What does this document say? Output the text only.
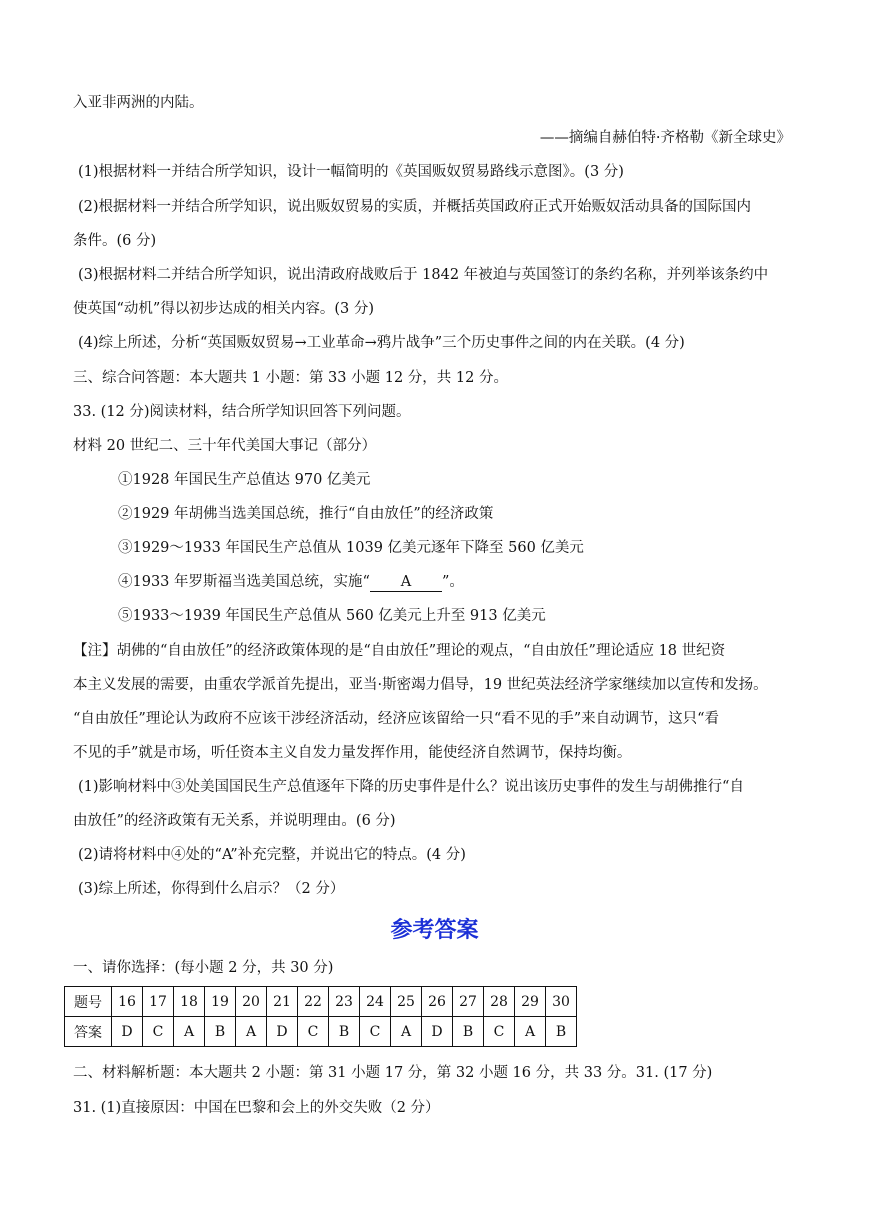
入亚非两洲的内陆。
——摘编自赫伯特·齐格勒《新全球史》
(1)根据材料一并结合所学知识，设计一幅简明的《英国贩奴贸易路线示意图》。(3 分)
(2)根据材料一并结合所学知识，说出贩奴贸易的实质，并概括英国政府正式开始贩奴活动具备的国际国内
条件。(6 分)
(3)根据材料二并结合所学知识，说出清政府战败后于 1842 年被迫与英国签订的条约名称，并列举该条约中
使英国“动机”得以初步达成的相关内容。(3 分)
(4)综上所述，分析“英国贩奴贸易→工业革命→鸦片战争”三个历史事件之间的内在关联。(4 分)
三、综合问答题：本大题共 1 小题：第 33 小题 12 分，共 12 分。
33. (12 分)阅读材料，结合所学知识回答下列问题。
材料 20 世纪二、三十年代美国大事记（部分）
①1928 年国民生产总值达 970 亿美元
②1929 年胡佛当选美国总统，推行“自由放任”的经济政策
③1929～1933 年国民生产总值从 1039 亿美元逐年下降至 560 亿美元
④1933 年罗斯福当选美国总统，实施“ A ”。
⑤1933～1939 年国民生产总值从 560 亿美元上升至 913 亿美元
【注】胡佛的“自由放任”的经济政策体现的是“自由放任”理论的观点，“自由放任”理论适应 18 世纪资
本主义发展的需要，由重农学派首先提出，亚当·斯密竭力倡导，19 世纪英法经济学家继续加以宣传和发扬。
“自由放任”理论认为政府不应该干涉经济活动，经济应该留给一只“看不见的手”来自动调节，这只“看
不见的手”就是市场，听任资本主义自发力量发挥作用，能使经济自然调节，保持均衡。
(1)影响材料中③处美国国民生产总值逐年下降的历史事件是什么？说出该历史事件的发生与胡佛推行“自
由放任”的经济政策有无关系，并说明理由。(6 分)
(2)请将材料中④处的“A”补充完整，并说出它的特点。(4 分)
(3)综上所述，你得到什么启示？（2 分）
参考答案
一、请你选择：(每小题 2 分，共 30 分)
题号	16	17	18	19	20	21	22	23	24	25	26	27	28	29	30
答案	D	C	A	B	A	D	C	B	C	A	D	B	C	A	B
二、材料解析题：本大题共 2 小题：第 31 小题 17 分，第 32 小题 16 分，共 33 分。31. (17 分)
31. (1)直接原因：中国在巴黎和会上的外交失败（2 分）
